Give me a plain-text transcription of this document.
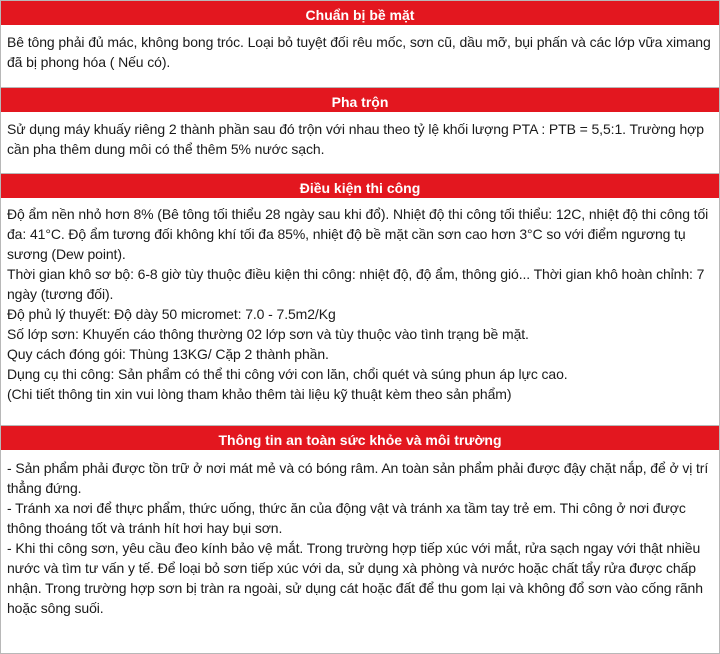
Chuẩn bị bề mặt

Bê tông phải đủ mác, không bong tróc. Loại bỏ tuyệt đối rêu mốc, sơn cũ, dầu mỡ, bụi phấn và các lớp vữa ximang đã bị phong hóa ( Nếu có).

Pha trộn

Sử dụng máy khuấy riêng 2 thành phần sau đó trộn với nhau theo tỷ lệ khối lượng PTA : PTB = 5,5:1. Trường hợp cần pha thêm dung môi có thể thêm 5% nước sạch.

Điều kiện thi công

Độ ẩm nền nhỏ hơn 8% (Bê tông tối thiểu 28 ngày sau khi đổ). Nhiệt độ thi công tối thiểu: 12C, nhiệt độ thi công tối đa: 41°C. Độ ẩm tương đối không khí tối đa 85%, nhiệt độ bề mặt cần sơn cao hơn 3°C so với điểm ngương tụ sương (Dew point).

Thời gian khô sơ bộ: 6-8 giờ tùy thuộc điều kiện thi công: nhiệt độ, độ ẩm, thông gió... Thời gian khô hoàn chỉnh: 7 ngày (tương đối).

Độ phủ lý thuyết: Độ dày 50 micromet: 7.0 - 7.5m2/Kg

Số lớp sơn: Khuyến cáo thông thường 02 lớp sơn và tùy thuộc vào tình trạng bề mặt.

Quy cách đóng gói: Thùng 13KG/ Cặp 2 thành phần.

Dụng cụ thi công: Sản phẩm có thể thi công với con lăn, chổi quét và súng phun áp lực cao.

(Chi tiết thông tin xin vui lòng tham khảo thêm tài liệu kỹ thuật kèm theo sản phẩm)

Thông tin an toàn sức khỏe và môi trường

- Sản phẩm phải được tồn trữ ở nơi mát mẻ và có bóng râm. An toàn sản phẩm phải được đậy chặt nắp, để ở vị trí thẳng đứng.

- Tránh xa nơi để thực phẩm, thức uống, thức ăn của động vật và tránh xa tầm tay trẻ em. Thi công ở nơi được thông thoáng tốt và tránh hít hơi hay bụi sơn.

- Khi thi công sơn, yêu cầu đeo kính bảo vệ mắt. Trong trường hợp tiếp xúc với mắt, rửa sạch ngay với thật nhiều nước và tìm tư vấn y tế. Để loại bỏ sơn tiếp xúc với da, sử dụng xà phòng và nước hoặc chất tẩy rửa được chấp nhận. Trong trường hợp sơn bị tràn ra ngoài, sử dụng cát hoặc đất để thu gom lại và không đổ sơn vào cống rãnh hoặc sông suối.
